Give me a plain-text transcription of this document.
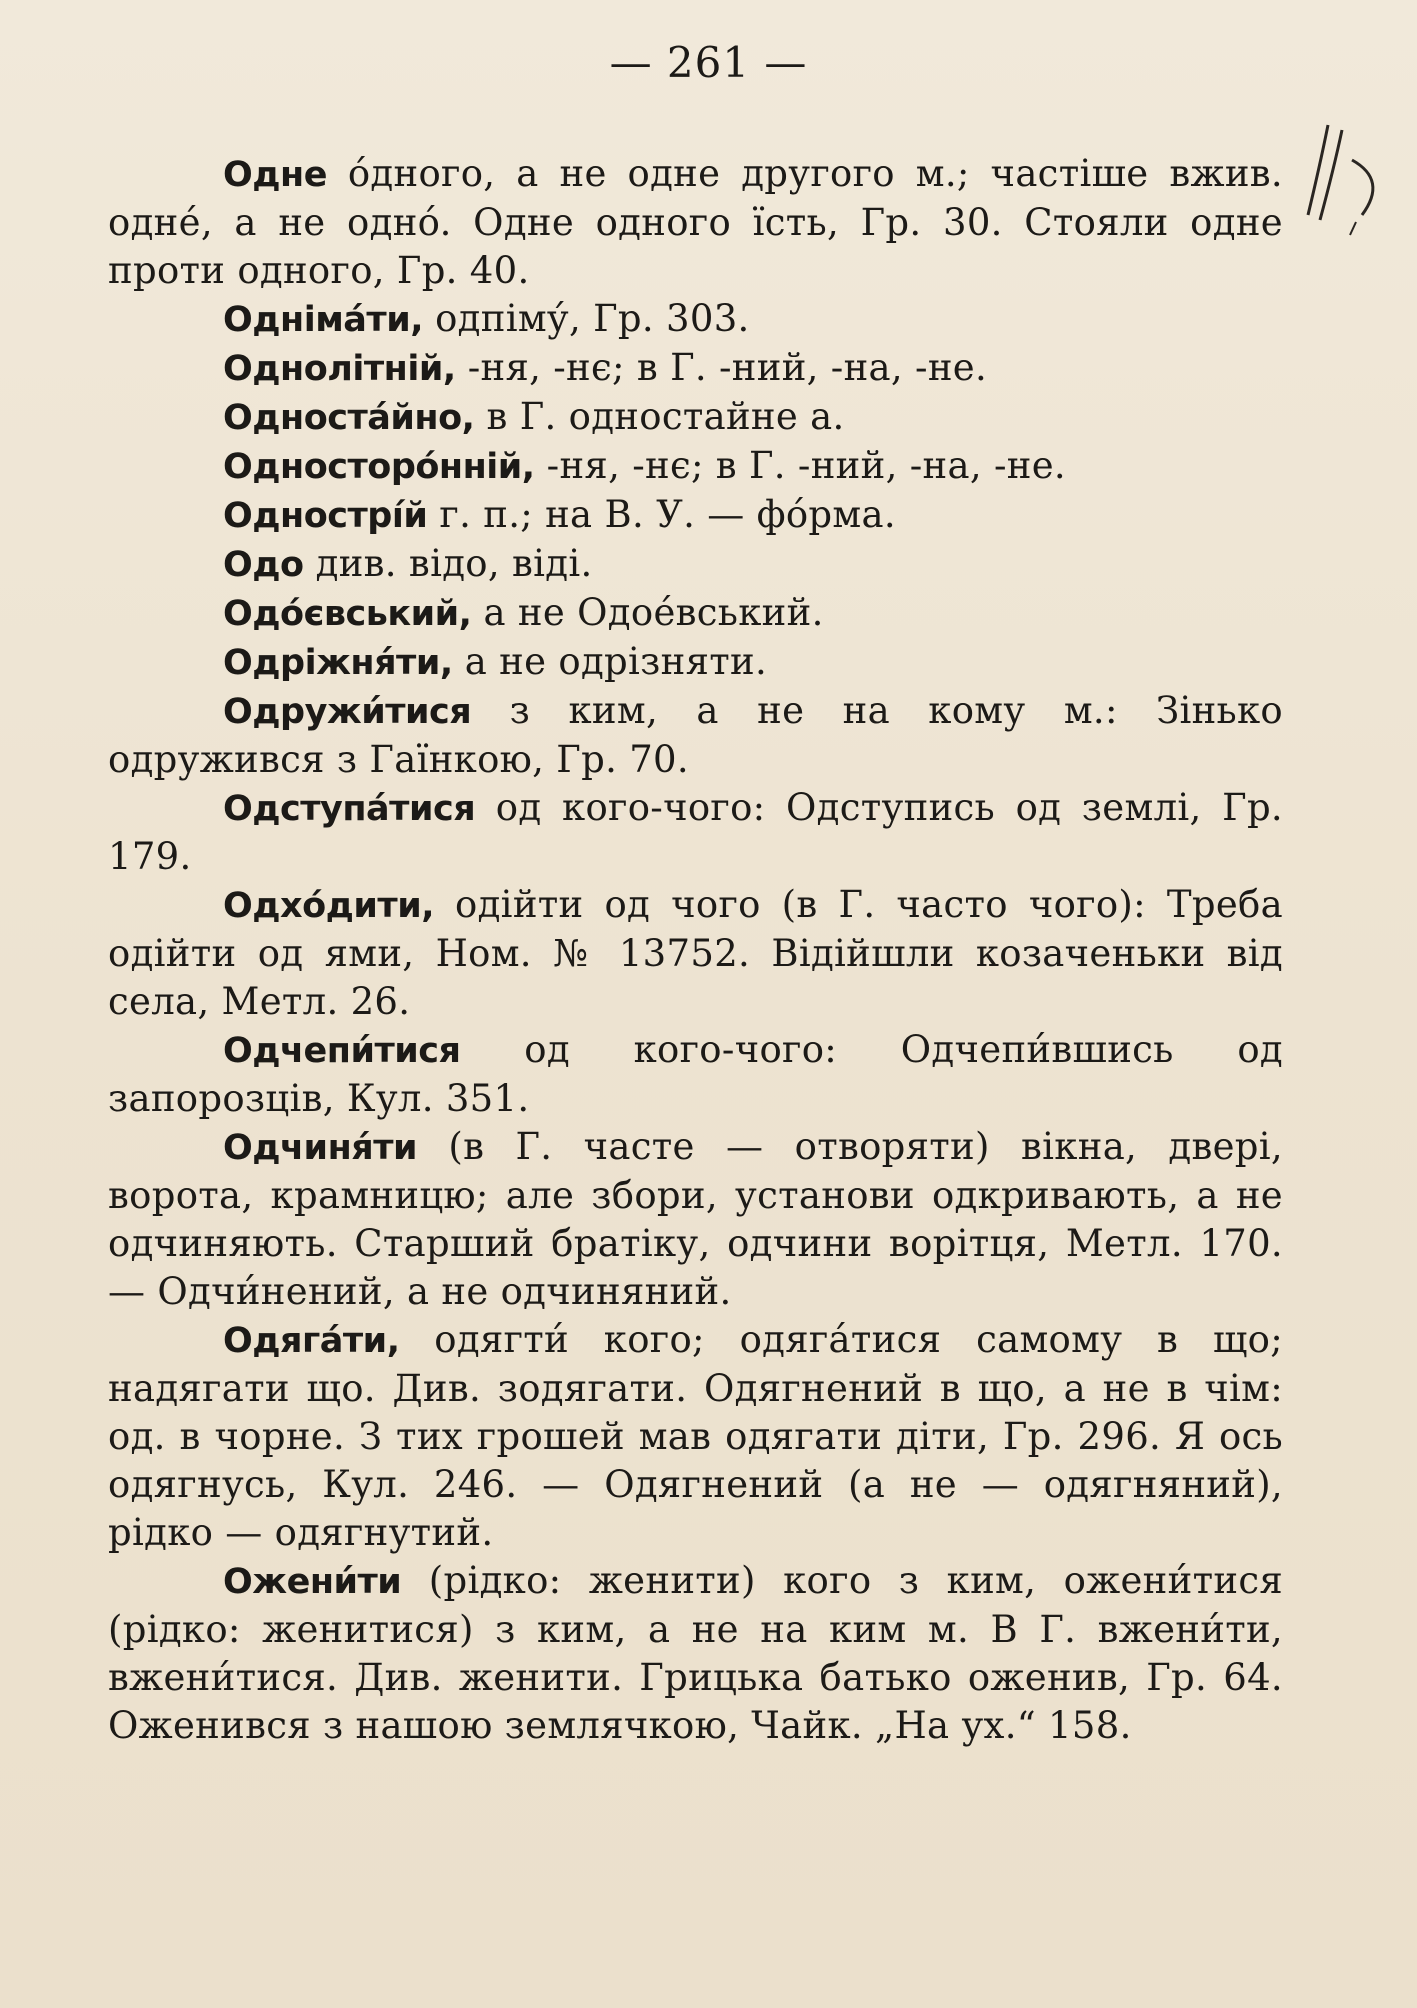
— 261 —

Одне óдного, а не одне другого м.; частіше вжив. однé, а не однó. Одне одного їсть, Гр. 30. Стояли одне проти одного, Гр. 40.

Одніма́ти, одпіму́, Гр. 303.

Однолітній, -ня, -нє; в Г. -ний, -на, -не.

Односта́йно, в Г. одностайне а.

Односторóнній, -ня, -нє; в Г. -ний, -на, -не.

Одностpíй г. п.; на В. У. — фóрма.

Одо див. відо, віді.

Одóєвський, а не Одоéвський.

Одріжня́ти, а не одрізняти.

Одружи́тися з ким, а не на кому м.: Зінько одружився з Гаїнкою, Гр. 70.

Одступа́тися од кого-чого: Одступись од землі, Гр. 179.

Одхóдити, одійти од чого (в Г. часто чого): Треба одійти од ями, Ном. № 13752. Відійшли козаченьки від села, Метл. 26.

Одчепи́тися од кого-чого: Одчепи́вшись од запорозців, Кул. 351.

Одчиня́ти (в Г. часте — отворяти) вікна, двері, ворота, крамницю; але збори, установи одкривають, а не одчиняють. Старший братіку, одчини ворітця, Метл. 170. — Одчи́нений, а не одчиняний.

Одяга́ти, одягти́ кого; одяга́тися самому в що; надягати що. Див. зодягати. Одягнений в що, а не в чім: од. в чорне. З тих грошей мав одягати діти, Гр. 296. Я ось одягнусь, Кул. 246. — Одягнений (а не — одягняний), рідко — одягнутий.

Ожени́ти (рідко: женити) кого з ким, ожени́тися (рідко: женитися) з ким, а не на ким м. В Г. вжени́ти, вжени́тися. Див. женити. Грицька батько оженив, Гр. 64. Оженився з нашою землячкою, Чайк. „На ух.“ 158.
